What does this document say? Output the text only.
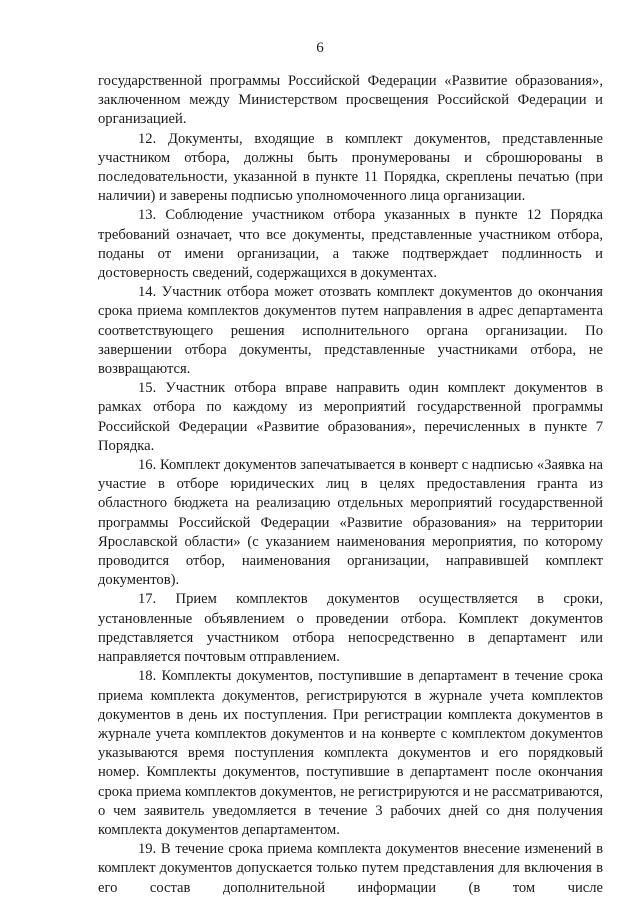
6

государственной программы Российской Федерации «Развитие образования», заключенном между Министерством просвещения Российской Федерации и организацией.

12. Документы, входящие в комплект документов, представленные участником отбора, должны быть пронумерованы и сброшюрованы в последовательности, указанной в пункте 11 Порядка, скреплены печатью (при наличии) и заверены подписью уполномоченного лица организации.

13. Соблюдение участником отбора указанных в пункте 12 Порядка требований означает, что все документы, представленные участником отбора, поданы от имени организации, а также подтверждает подлинность и достоверность сведений, содержащихся в документах.

14. Участник отбора может отозвать комплект документов до окончания срока приема комплектов документов путем направления в адрес департамента соответствующего решения исполнительного органа организации. По завершении отбора документы, представленные участниками отбора, не возвращаются.

15. Участник отбора вправе направить один комплект документов в рамках отбора по каждому из мероприятий государственной программы Российской Федерации «Развитие образования», перечисленных в пункте 7 Порядка.

16. Комплект документов запечатывается в конверт с надписью «Заявка на участие в отборе юридических лиц в целях предоставления гранта из областного бюджета на реализацию отдельных мероприятий государственной программы Российской Федерации «Развитие образования» на территории Ярославской области» (с указанием наименования мероприятия, по которому проводится отбор, наименования организации, направившей комплект документов).

17. Прием комплектов документов осуществляется в сроки, установленные объявлением о проведении отбора. Комплект документов представляется участником отбора непосредственно в департамент или направляется почтовым отправлением.

18. Комплекты документов, поступившие в департамент в течение срока приема комплекта документов, регистрируются в журнале учета комплектов документов в день их поступления. При регистрации комплекта документов в журнале учета комплектов документов и на конверте с комплектом документов указываются время поступления комплекта документов и его порядковый номер. Комплекты документов, поступившие в департамент после окончания срока приема комплектов документов, не регистрируются и не рассматриваются, о чем заявитель уведомляется в течение 3 рабочих дней со дня получения комплекта документов департаментом.

19. В течение срока приема комплекта документов внесение изменений в комплект документов допускается только путем представления для включения в его состав дополнительной информации (в том числе
